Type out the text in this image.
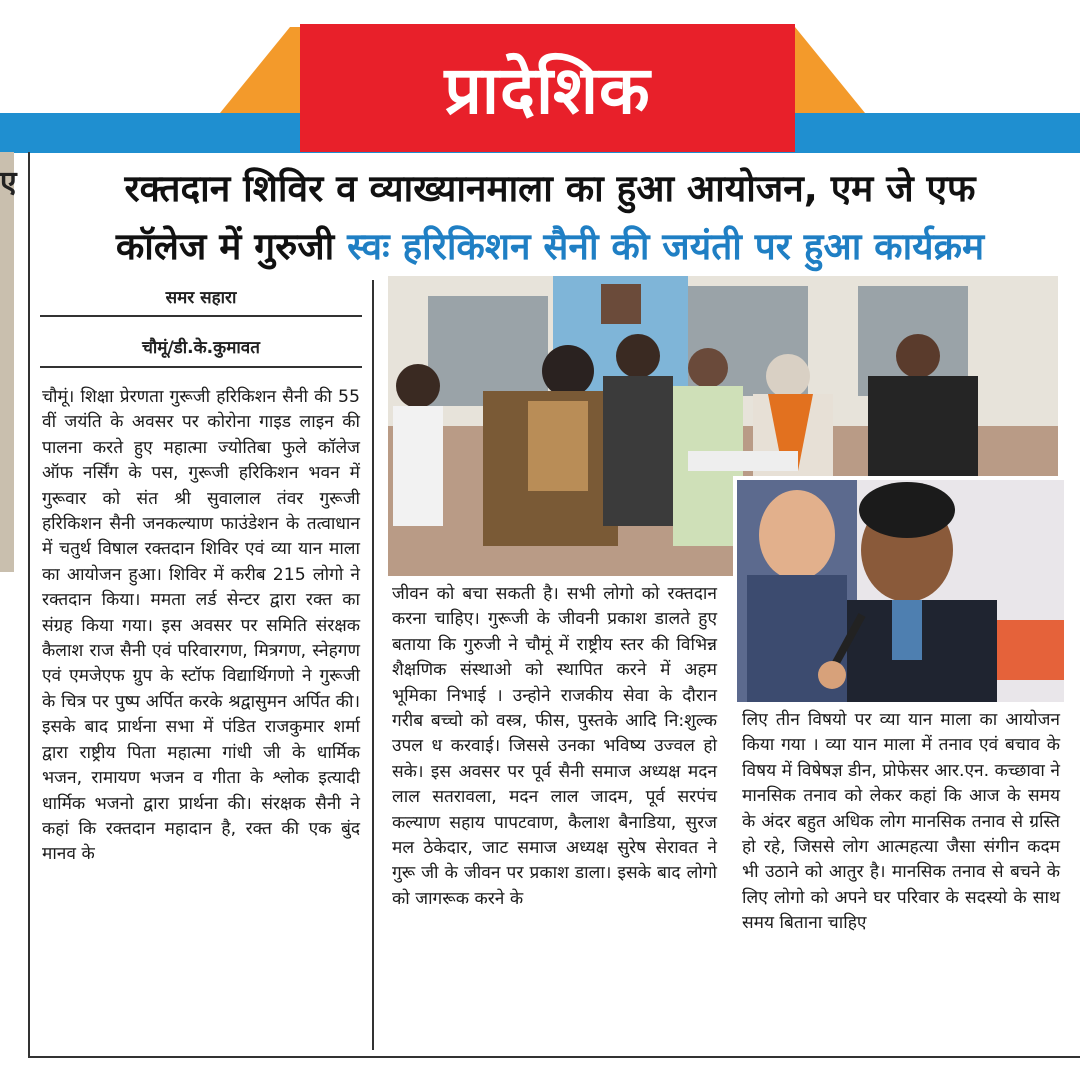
प्रादेशिक
ए	रक्तदान शिविर व व्याख्यानमाला का हुआ आयोजन, एम जे एफ
कॉलेज में गुरुजी स्वः हरिकिशन सैनी की जयंती पर हुआ कार्यक्रम
समर सहारा
चौमूं/डी.के.कुमावत
चौमूं। शिक्षा प्रेरणता गुरूजी हरिकिशन सैनी की 55 वीं जयंति के अवसर पर कोरोना गाइड लाइन की पालना करते हुए महात्मा ज्योतिबा फुले कॉलेज ऑफ नर्सिंग के पस, गुरूजी हरिकिशन भवन में गुरूवार को संत श्री सुवालाल तंवर गुरूजी हरिकिशन सैनी जनकल्याण फाउंडेशन के तत्वाधान में चतुर्थ विषाल रक्तदान शिविर एवं व्या यान माला का आयोजन हुआ। शिविर में करीब 215 लोगो ने रक्तदान किया। ममता लर्ड सेन्टर द्वारा रक्त का संग्रह किया गया। इस अवसर पर समिति संरक्षक कैलाश राज सैनी एवं परिवारगण, मित्रगण, स्नेहगण एवं एमजेएफ ग्रुप के स्टॉफ विद्यार्थिगणो ने गुरूजी के चित्र पर पुष्प अर्पित करके श्रद्वासुमन अर्पित की। इसके बाद प्रार्थना सभा में पंडित राजकुमार शर्मा द्वारा राष्ट्रीय पिता महात्मा गांधी जी के धार्मिक भजन, रामायण भजन व गीता के श्लोक इत्यादी धार्मिक भजनो द्वारा प्रार्थना की। संरक्षक सैनी ने कहां कि रक्तदान महादान है, रक्त की एक बुंद मानव के
जीवन को बचा सकती है। सभी लोगो को रक्तदान करना चाहिए। गुरूजी के जीवनी प्रकाश डालते हुए बताया कि गुरुजी ने चौमूं में राष्ट्रीय स्तर की विभिन्न शैक्षणिक संस्थाओ को स्थापित करने में अहम भूमिका निभाई । उन्होने राजकीय सेवा के दौरान गरीब बच्चो को वस्त्र, फीस, पुस्तके आदि नि:शुल्क उपल ध करवाई। जिससे उनका भविष्य उज्वल हो सके। इस अवसर पर पूर्व सैनी समाज अध्यक्ष मदन लाल सतरावला, मदन लाल जादम, पूर्व सरपंच कल्याण सहाय पापटवाण, कैलाश बैनाडिया, सुरज मल ठेकेदार, जाट समाज अध्यक्ष सुरेष सेरावत ने गुरू जी के जीवन पर प्रकाश डाला। इसके बाद लोगो को जागरूक करने के
लिए तीन विषयो पर व्या यान माला का आयोजन किया गया । व्या यान माला में तनाव एवं बचाव के विषय में विषेषज्ञ डीन, प्रोफेसर आर.एन. कच्छावा ने मानसिक तनाव को लेकर कहां कि आज के समय के अंदर बहुत अधिक लोग मानसिक तनाव से ग्रस्ति हो रहे, जिससे लोग आत्महत्या जैसा संगीन कदम भी उठाने को आतुर है। मानसिक तनाव से बचने के लिए लोगो को अपने घर परिवार के सदस्यो के साथ समय बिताना चाहिए
